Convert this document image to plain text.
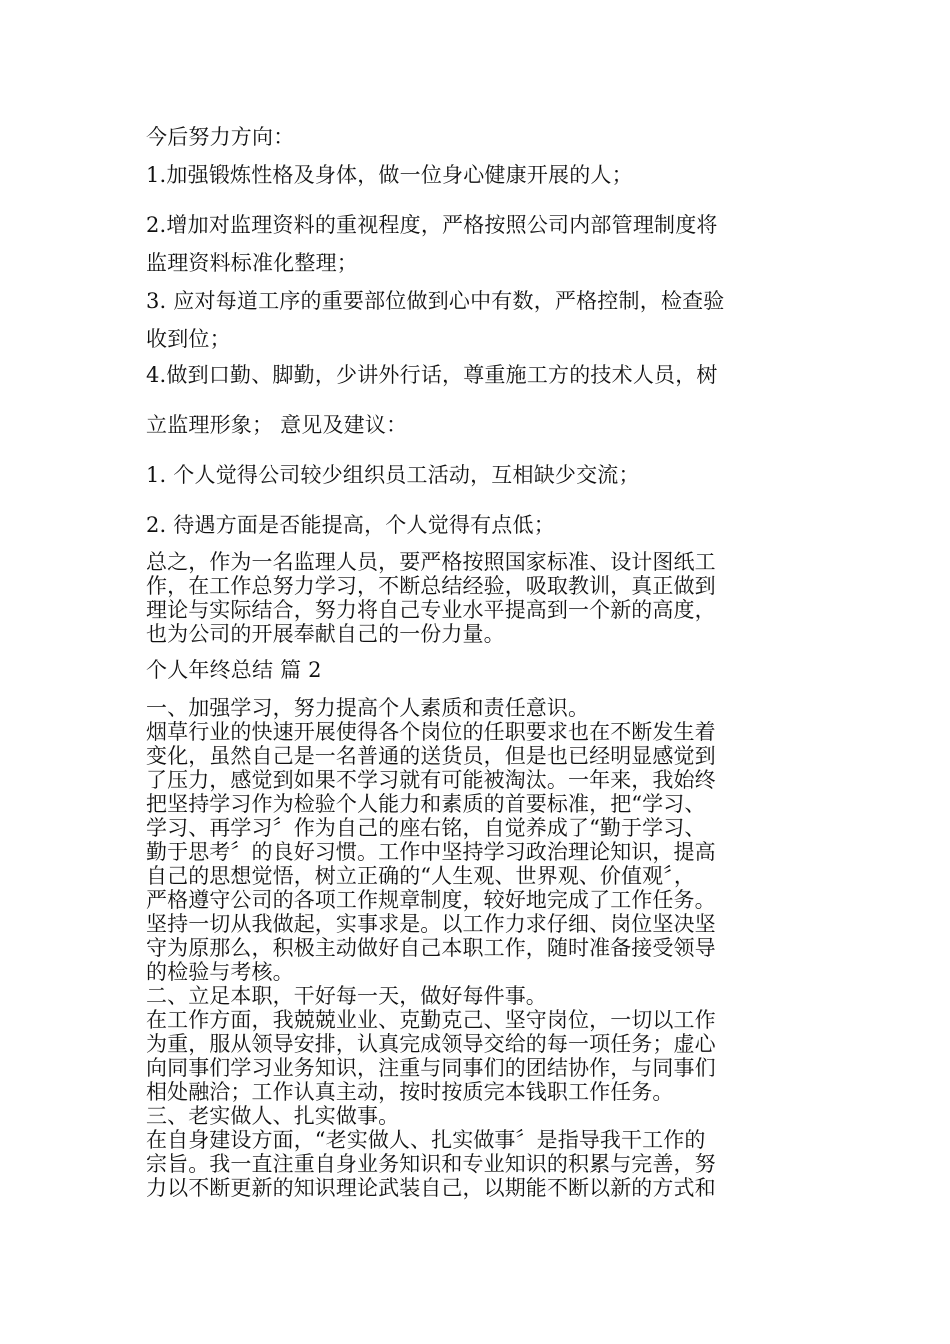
今后努力方向：
1.加强锻炼性格及身体，做一位身心健康开展的人；
2.增加对监理资料的重视程度，严格按照公司内部管理制度将
监理资料标准化整理；
3. 应对每道工序的重要部位做到心中有数，严格控制，检查验
收到位；
4.做到口勤、脚勤，少讲外行话，尊重施工方的技术人员，树
立监理形象； 意见及建议：
1. 个人觉得公司较少组织员工活动，互相缺少交流；
2. 待遇方面是否能提高，个人觉得有点低；
总之，作为一名监理人员，要严格按照国家标准、设计图纸工
作，在工作总努力学习，不断总结经验，吸取教训，真正做到
理论与实际结合，努力将自己专业水平提高到一个新的高度，
也为公司的开展奉献自己的一份力量。
个人年终总结 篇 2
一、加强学习，努力提高个人素质和责任意识。
烟草行业的快速开展使得各个岗位的任职要求也在不断发生着
变化，虽然自己是一名普通的送货员，但是也已经明显感觉到
了压力，感觉到如果不学习就有可能被淘汰。一年来，我始终
把坚持学习作为检验个人能力和素质的首要标准，把“学习、
学习、再学习〞作为自己的座右铭，自觉养成了“勤于学习、
勤于思考〞的良好习惯。工作中坚持学习政治理论知识，提高
自己的思想觉悟，树立正确的“人生观、世界观、价值观〞，
严格遵守公司的各项工作规章制度，较好地完成了工作任务。
坚持一切从我做起，实事求是。以工作力求仔细、岗位坚决坚
守为原那么，积极主动做好自己本职工作，随时准备接受领导
的检验与考核。
二、立足本职，干好每一天，做好每件事。
在工作方面，我兢兢业业、克勤克己、坚守岗位，一切以工作
为重，服从领导安排，认真完成领导交给的每一项任务；虚心
向同事们学习业务知识，注重与同事们的团结协作，与同事们
相处融洽；工作认真主动，按时按质完本钱职工作任务。
三、老实做人、扎实做事。
在自身建设方面，“老实做人、扎实做事〞是指导我干工作的
宗旨。我一直注重自身业务知识和专业知识的积累与完善，努
力以不断更新的知识理论武装自己，以期能不断以新的方式和
